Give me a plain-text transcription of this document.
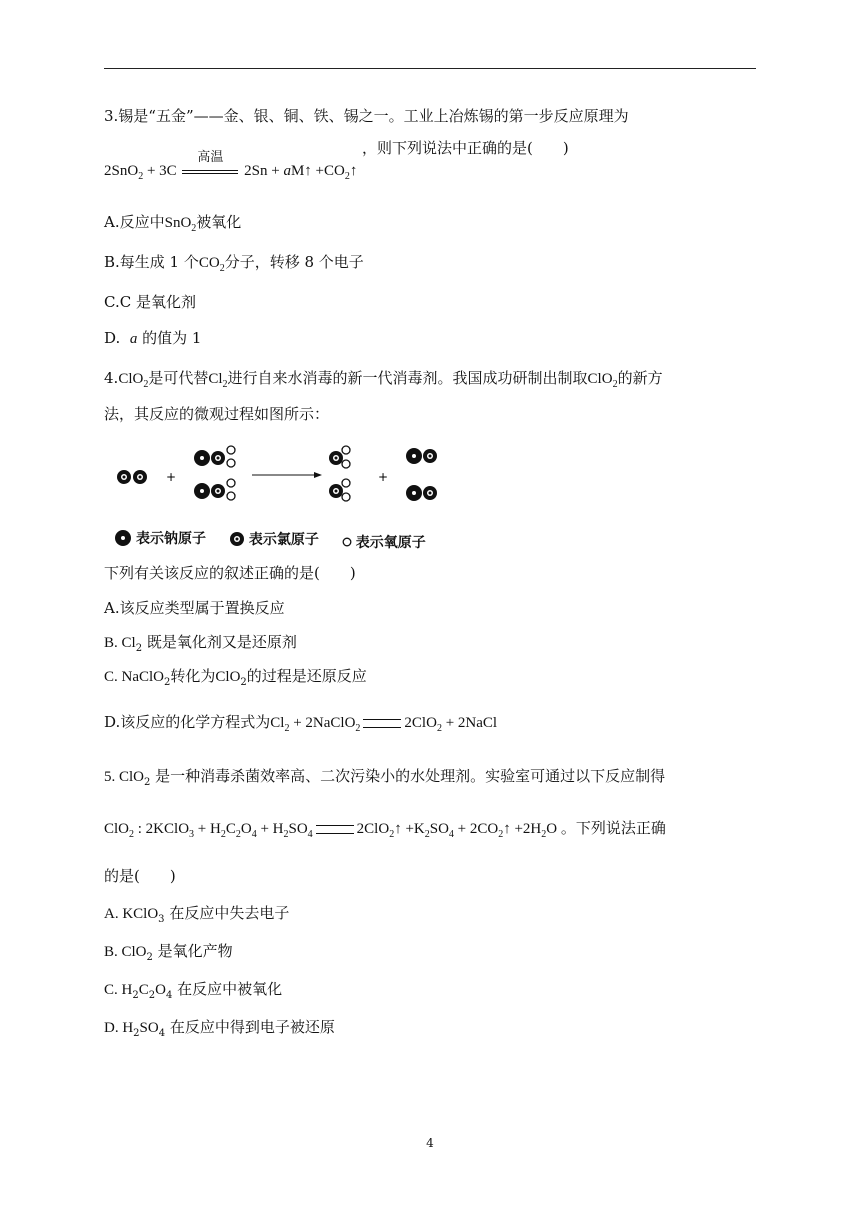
3.锡是“五金”——金、银、铜、铁、锡之一。工业上冶炼锡的第一步反应原理为
2SnO$_2$ + 3C
高温
2Sn + aM↑ $+CO_2↑$
，则下列说法中正确的是( )
A.反应中SnO$_2$被氧化
B.每生成 1 个$CO_2$分子，转移 8 个电子
C.C 是氧化剂
D. a 的值为 1
4.ClO$_2$是可代替$Cl_2$进行自来水消毒的新一代消毒剂。我国成功研制出制取ClO$_2$的新方
法，其反应的微观过程如图所示：
+	+
表示钠原子
	表示氯原子
	表示氧原子
下列有关该反应的叙述正确的是( )
A.该反应类型属于置换反应
B. $Cl_2$ 既是氧化剂又是还原剂
C. NaClO$_2$转化为ClO$_2$的过程是还原反应
D.该反应的化学方程式为$Cl_2$ + 2NaClO$_2$	2ClO$_2$ + 2NaCl
5. ClO$_2$ 是一种消毒杀菌效率高、二次污染小的水处理剂。实验室可通过以下反应制得
ClO$_2$ : 2KClO$_3$ + $H_2C_2O_4 + H_2SO_4$	2ClO$_2$↑ $+K_2SO_4$ + $2CO_2↑ +2H_2O$ 。下列说法正确
的是( )
A. KClO$_3$ 在反应中失去电子
B. ClO$_2$ 是氧化产物
C. $H_2C_2O_4$ 在反应中被氧化
D. $H_2SO_4$ 在反应中得到电子被还原
4
